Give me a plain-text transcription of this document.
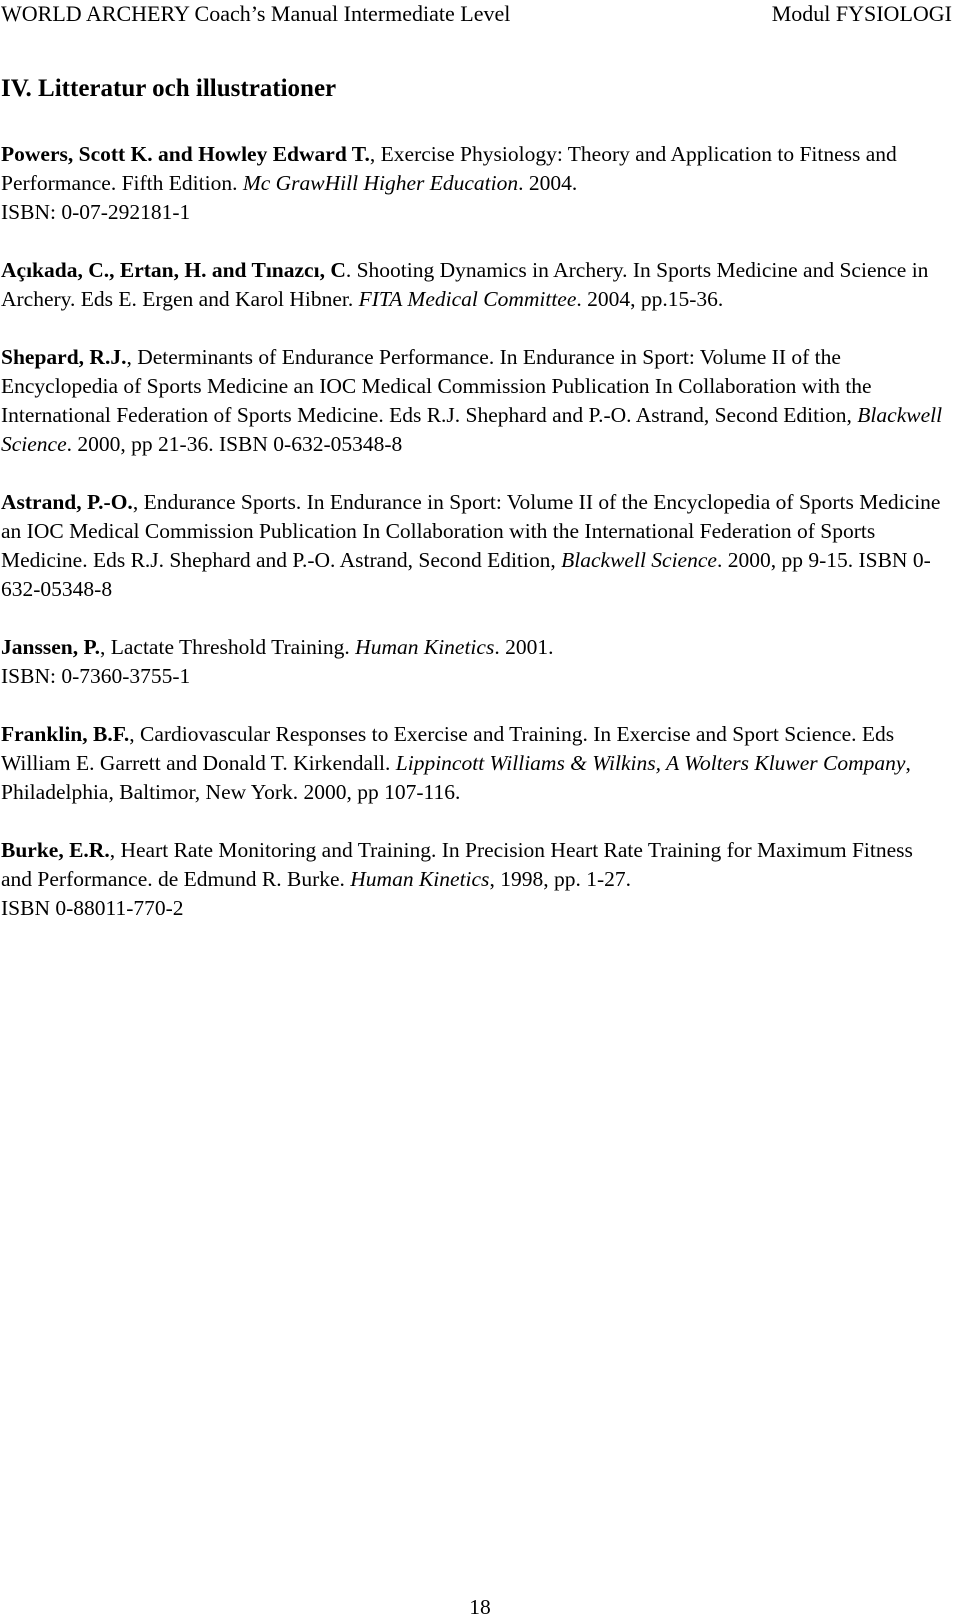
WORLD ARCHERY Coach’s Manual Intermediate Level	Modul FYSIOLOGI
IV. Litteratur och illustrationer

Powers, Scott K. and Howley Edward T., Exercise Physiology: Theory and Application to Fitness and Performance. Fifth Edition. Mc GrawHill Higher Education. 2004.
ISBN: 0-07-292181-1

Açıkada, C., Ertan, H. and Tınazcı, C. Shooting Dynamics in Archery. In Sports Medicine and Science in Archery. Eds E. Ergen and Karol Hibner. FITA Medical Committee. 2004, pp.15-36.

Shepard, R.J., Determinants of Endurance Performance. In Endurance in Sport: Volume II of the Encyclopedia of Sports Medicine an IOC Medical Commission Publication In Collaboration with the International Federation of Sports Medicine. Eds R.J. Shephard and P.-O. Astrand, Second Edition, Blackwell Science. 2000, pp 21-36. ISBN 0-632-05348-8

Astrand, P.-O., Endurance Sports. In Endurance in Sport: Volume II of the Encyclopedia of Sports Medicine an IOC Medical Commission Publication In Collaboration with the International Federation of Sports Medicine. Eds R.J. Shephard and P.-O. Astrand, Second Edition, Blackwell Science. 2000, pp 9-15. ISBN 0-632-05348-8

Janssen, P., Lactate Threshold Training. Human Kinetics. 2001.
ISBN: 0-7360-3755-1

Franklin, B.F., Cardiovascular Responses to Exercise and Training. In Exercise and Sport Science. Eds William E. Garrett and Donald T. Kirkendall. Lippincott Williams & Wilkins, A Wolters Kluwer Company, Philadelphia, Baltimor, New York. 2000, pp 107-116.

Burke, E.R., Heart Rate Monitoring and Training. In Precision Heart Rate Training for Maximum Fitness and Performance. de Edmund R. Burke. Human Kinetics, 1998, pp. 1-27.
ISBN 0-88011-770-2

18
